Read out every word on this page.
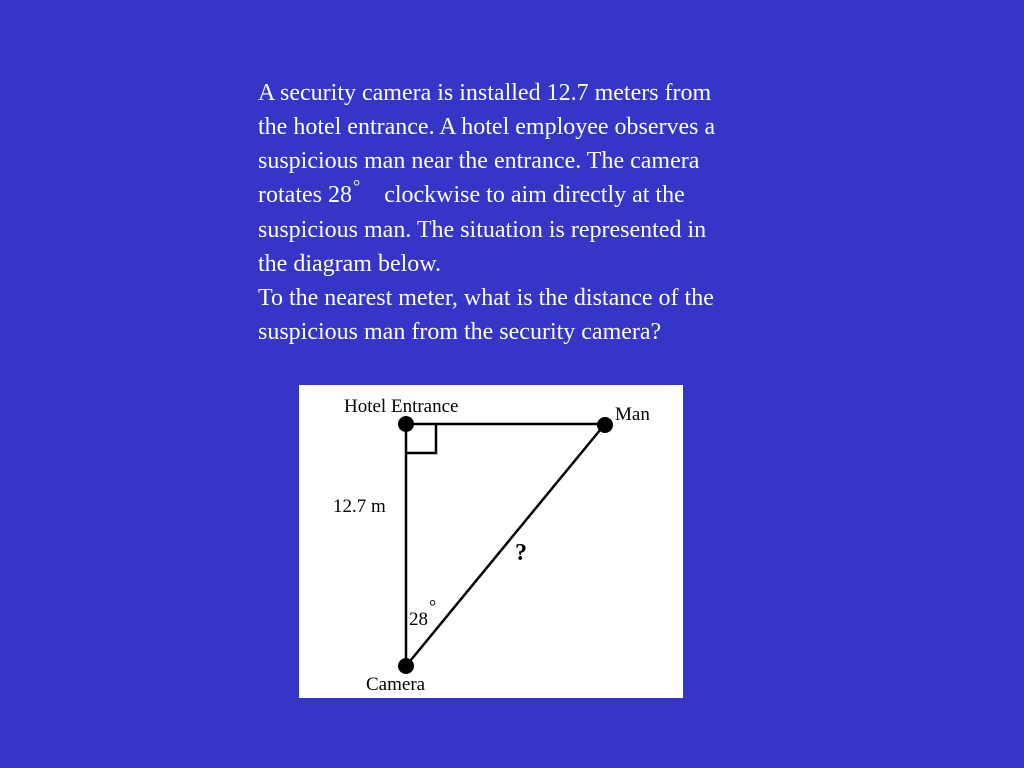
A security camera is installed 12.7 meters from
the hotel entrance. A hotel employee observes a
suspicious man near the entrance. The camera
rotates 28° clockwise to aim directly at the
suspicious man. The situation is represented in
the diagram below.

To the nearest meter, what is the distance of the
suspicious man from the security camera?

Hotel Entrance	Man
12.7 m
?
28
°
Camera
